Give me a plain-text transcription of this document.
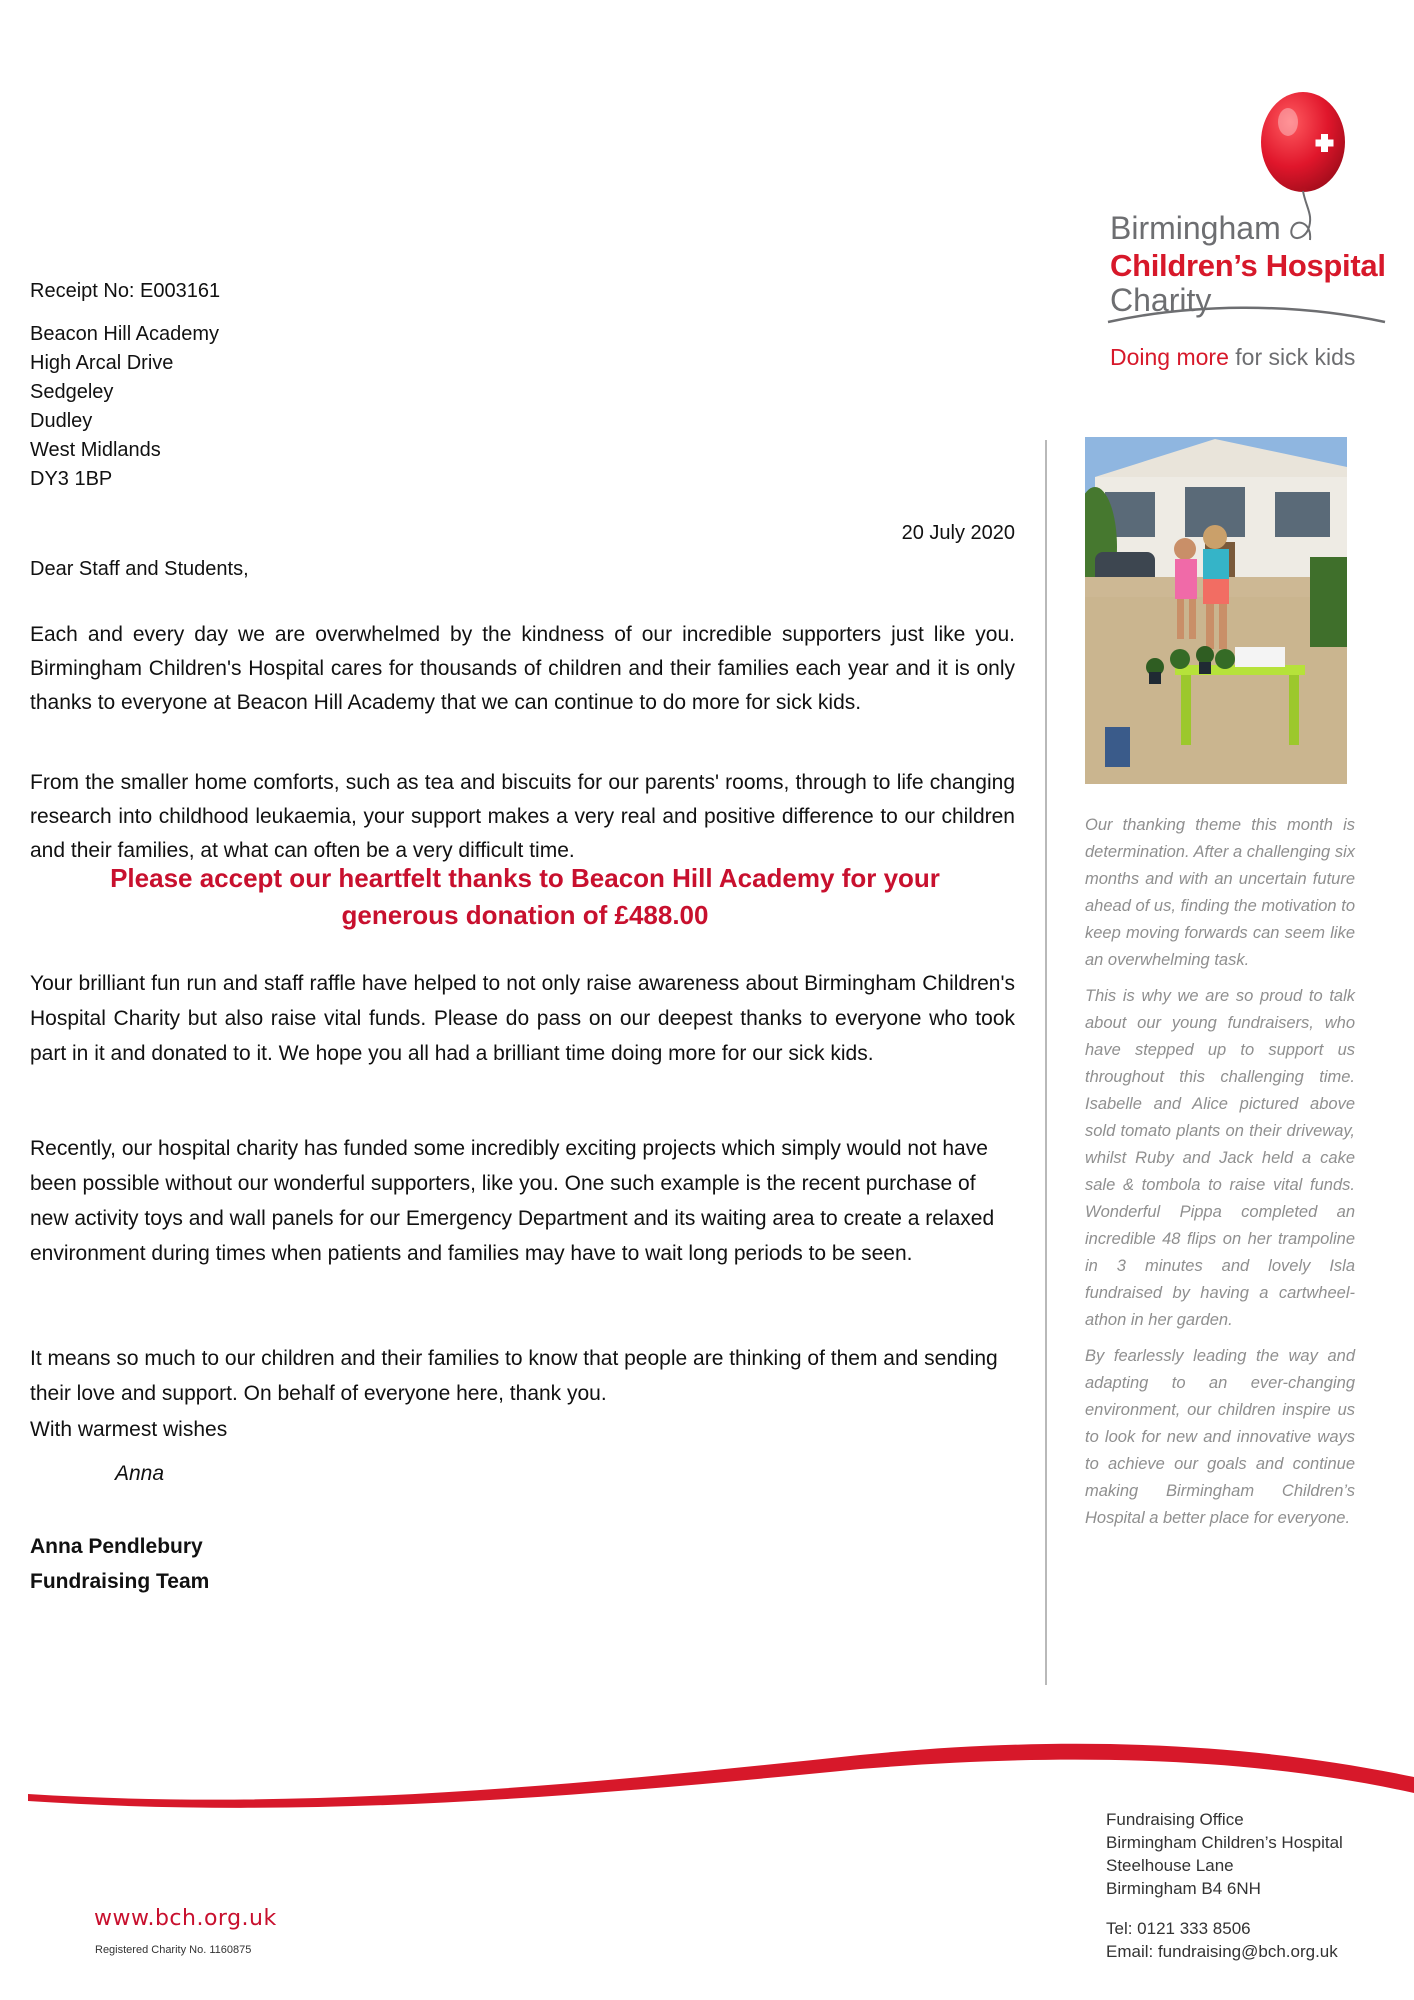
Birmingham
Children’s Hospital
Charity
Doing more for sick kids
Receipt No: E003161
Beacon Hill Academy
High Arcal Drive
Sedgeley
Dudley
West Midlands
DY3 1BP
20 July 2020
Dear Staff and Students,

Each and every day we are overwhelmed by the kindness of our incredible supporters just like you. Birmingham Children's Hospital cares for thousands of children and their families each year and it is only thanks to everyone at Beacon Hill Academy that we can continue to do more for sick kids.

From the smaller home comforts, such as tea and biscuits for our parents' rooms, through to life changing research into childhood leukaemia, your support makes a very real and positive difference to our children and their families, at what can often be a very difficult time.

Please accept our heartfelt thanks to Beacon Hill Academy for your
generous donation of £488.00

Your brilliant fun run and staff raffle have helped to not only raise awareness about Birmingham Children's Hospital Charity but also raise vital funds. Please do pass on our deepest thanks to everyone who took part in it and donated to it. We hope you all had a brilliant time doing more for our sick kids.

Recently, our hospital charity has funded some incredibly exciting projects which simply would not have been possible without our wonderful supporters, like you. One such example is the recent purchase of new activity toys and wall panels for our Emergency Department and its waiting area to create a relaxed environment during times when patients and families may have to wait long periods to be seen.

It means so much to our children and their families to know that people are thinking of them and sending their love and support. On behalf of everyone here, thank you.

With warmest wishes
Anna
Anna Pendlebury
Fundraising Team

Our thanking theme this month is determination. After a challenging six months and with an uncertain future ahead of us, finding the motivation to keep moving forwards can seem like an overwhelming task.

This is why we are so proud to talk about our young fundraisers, who have stepped up to support us throughout this challenging time. Isabelle and Alice pictured above sold tomato plants on their driveway, whilst Ruby and Jack held a cake sale & tombola to raise vital funds. Wonderful Pippa completed an incredible 48 flips on her trampoline in 3 minutes and lovely Isla fundraised by having a cartwheel-athon in her garden.

By fearlessly leading the way and adapting to an ever-changing environment, our children inspire us to look for new and innovative ways to achieve our goals and continue making Birmingham Children’s Hospital a better place for everyone.

www.bch.org.uk
Registered Charity No. 1160875
Fundraising Office
Birmingham Children’s Hospital
Steelhouse Lane
Birmingham B4 6NH
Tel: 0121 333 8506
Email: fundraising@bch.org.uk
